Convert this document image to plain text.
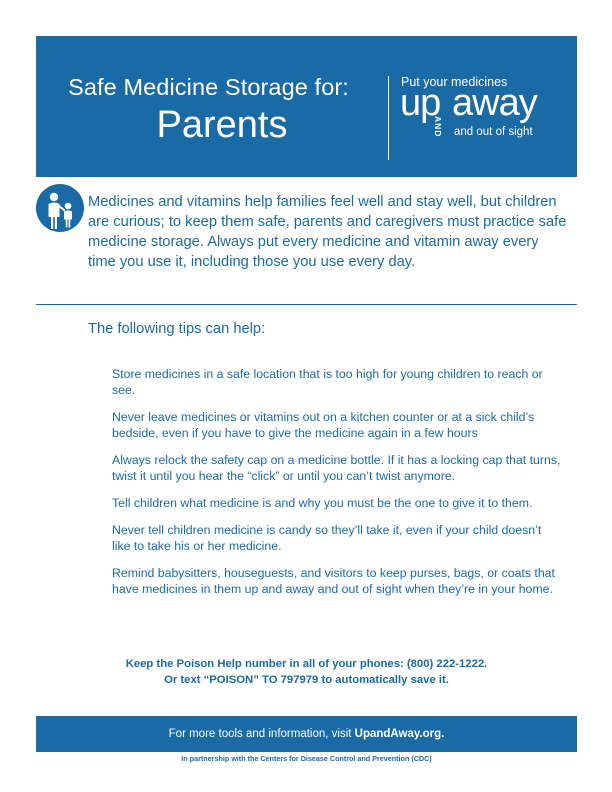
Safe Medicine Storage for:
Parents
Put your medicines
up
AND
away
and out of sight

Medicines and vitamins help families feel well and stay well, but children are curious; to keep them safe, parents and caregivers must practice safe medicine storage. Always put every medicine and vitamin away every time you use it, including those you use every day.

The following tips can help:
Store medicines in a safe location that is too high for young children to reach or see.
Never leave medicines or vitamins out on a kitchen counter or at a sick child’s bedside, even if you have to give the medicine again in a few hours
Always relock the safety cap on a medicine bottle. If it has a locking cap that turns, twist it until you hear the “click” or until you can’t twist anymore.
Tell children what medicine is and why you must be the one to give it to them.
Never tell children medicine is candy so they’ll take it, even if your child doesn’t like to take his or her medicine.
Remind babysitters, houseguests, and visitors to keep purses, bags, or coats that have medicines in them up and away and out of sight when they’re in your home.

Keep the Poison Help number in all of your phones: (800) 222-1222.
Or text “POISON” TO 797979 to automatically save it.

For more tools and information, visit UpandAway.org.
In partnership with the Centers for Disease Control and Prevention (CDC)
